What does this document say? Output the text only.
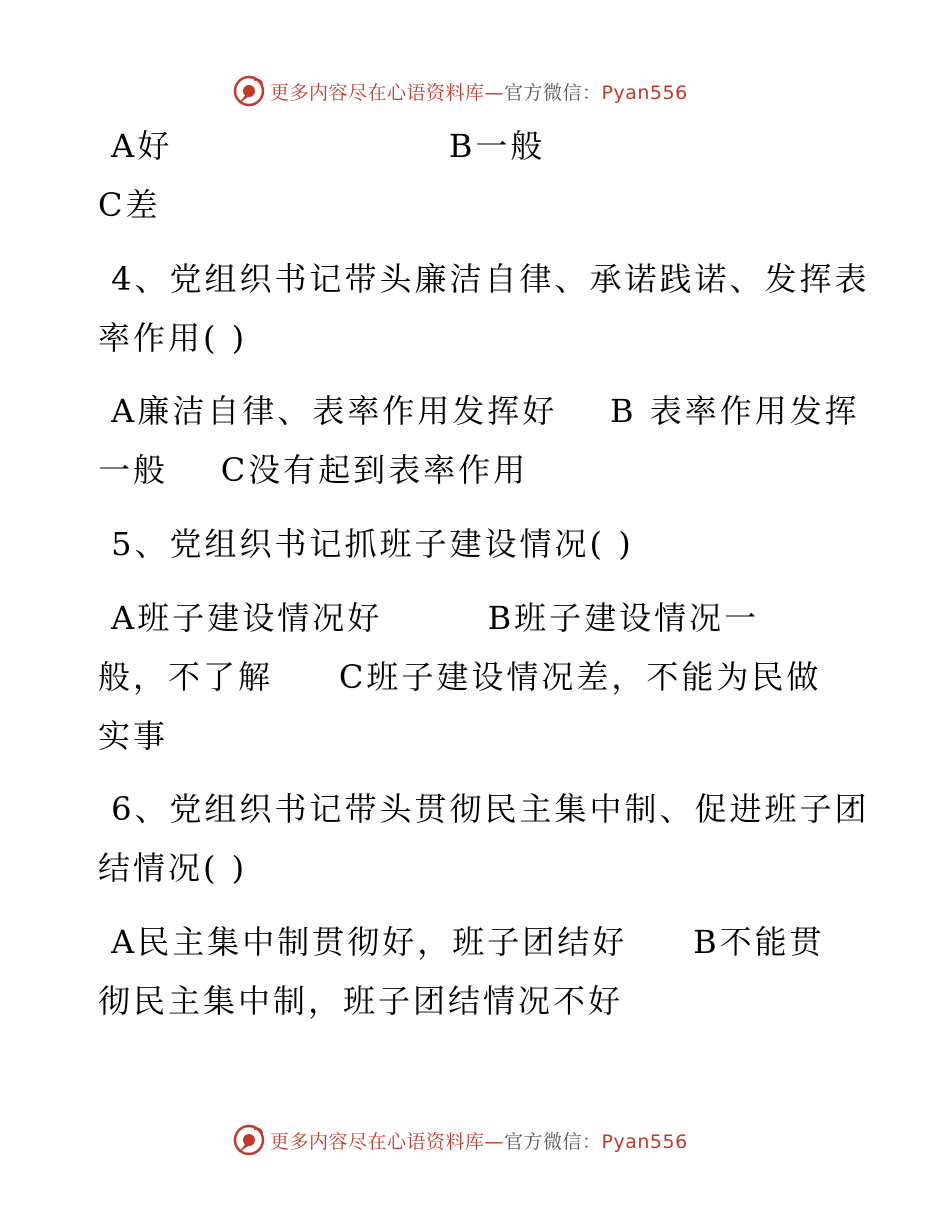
更多内容尽在心语资料库—官方微信：Pyan556
A好                     B一般
C差
4、党组织书记带头廉洁自律、承诺践诺、发挥表
率作用( )
A廉洁自律、表率作用发挥好    B 表率作用发挥
一般    C没有起到表率作用
5、党组织书记抓班子建设情况( )
A班子建设情况好        B班子建设情况一
般，不了解     C班子建设情况差，不能为民做
实事
6、党组织书记带头贯彻民主集中制、促进班子团
结情况( )
A民主集中制贯彻好，班子团结好     B不能贯
彻民主集中制，班子团结情况不好
更多内容尽在心语资料库—官方微信：Pyan556
